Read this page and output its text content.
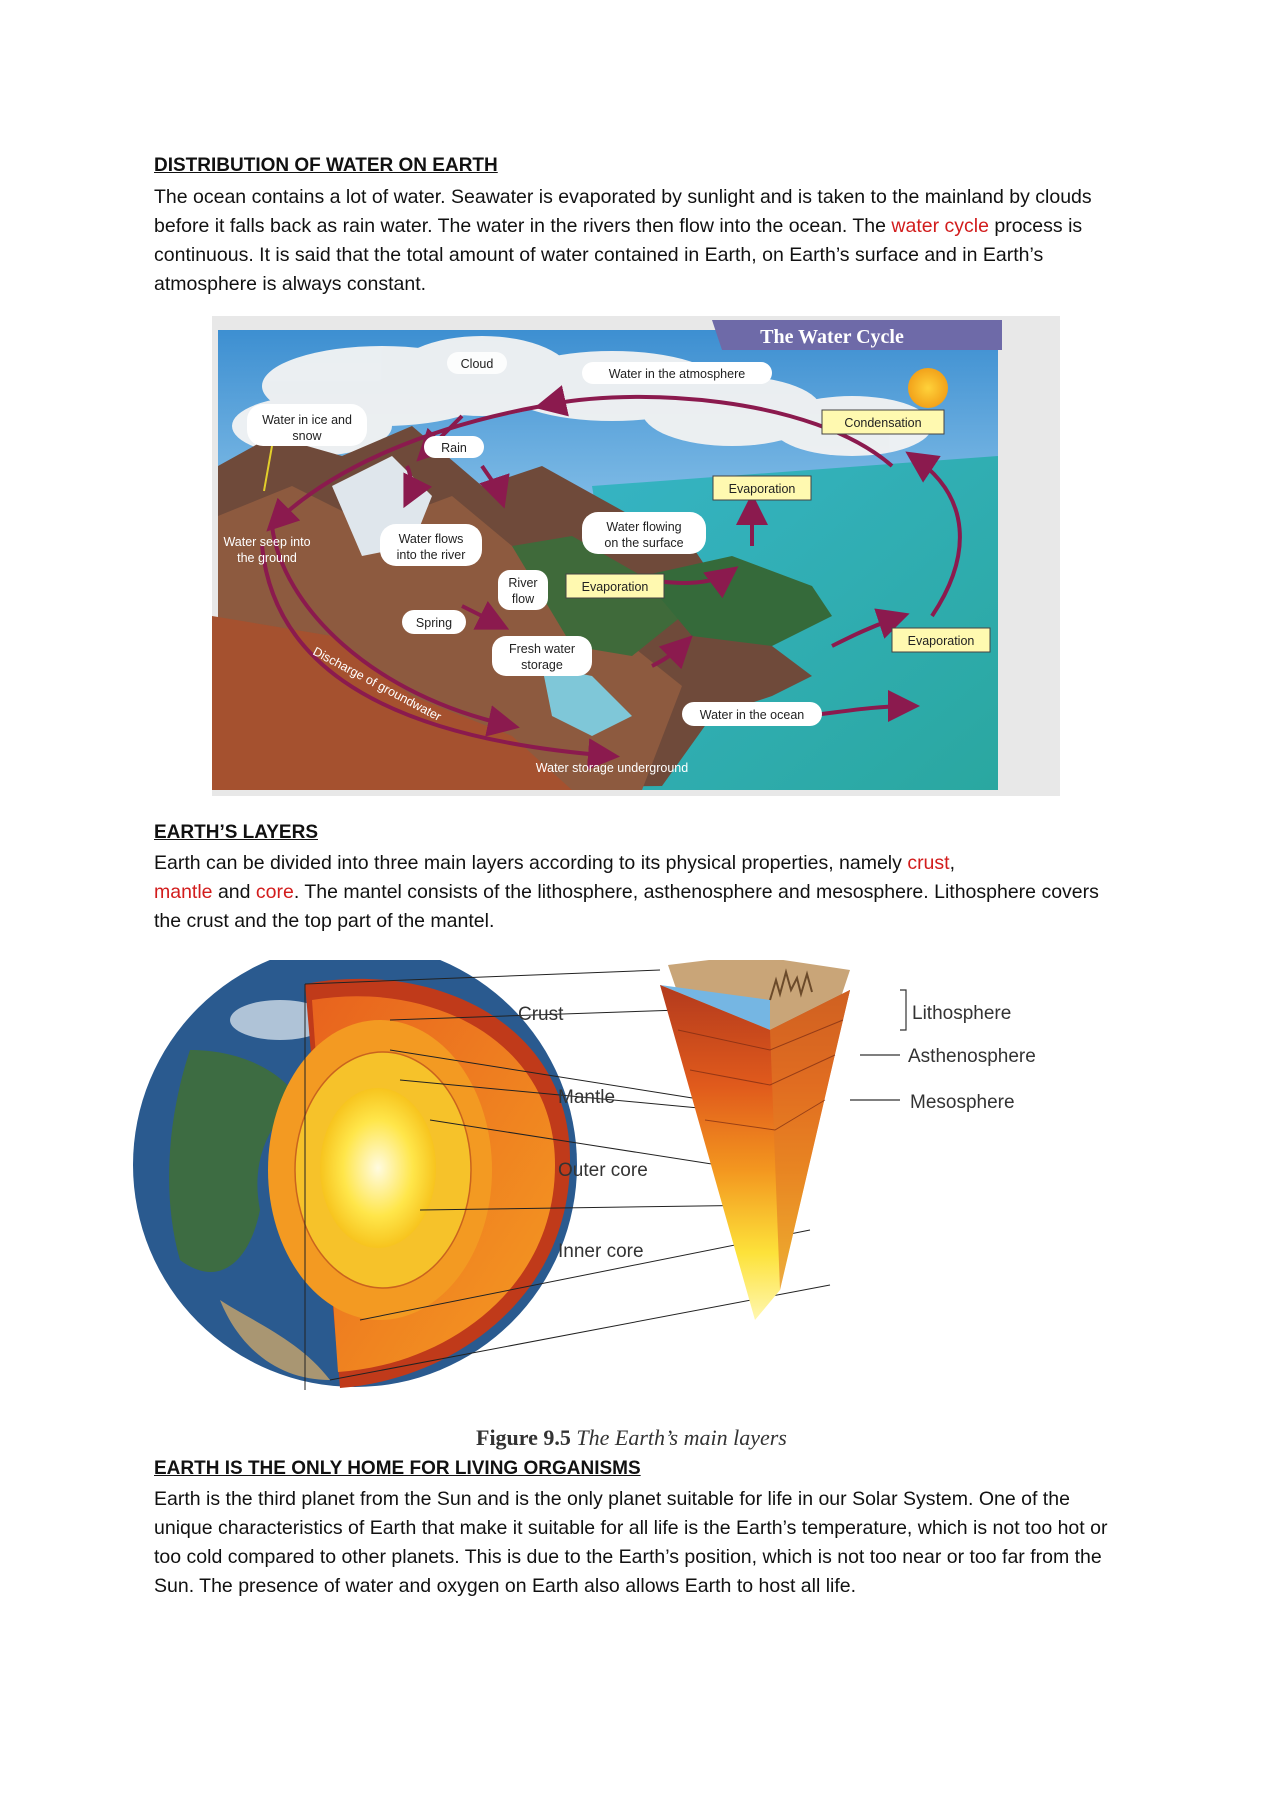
DISTRIBUTION OF WATER ON EARTH
The ocean contains a lot of water. Seawater is evaporated by sunlight and is taken to the mainland by clouds before it falls back as rain water. The water in the rivers then flow into the ocean. The water cycle process is continuous. It is said that the total amount of water contained in Earth, on Earth’s surface and in Earth’s atmosphere is always constant.
The Water Cycle
Cloud
Water in the atmosphere
Water in ice and
snow
Condensation
Rain
Evaporation
Water seep into
the ground
Water flows
into the river
Water flowing
on the surface
River
flow
Evaporation
Spring
Fresh water
storage
Evaporation
Discharge of groundwater	Water in the ocean
Water storage underground
EARTH’S LAYERS
Earth can be divided into three main layers according to its physical properties, namely crust,
mantle and core. The mantel consists of the lithosphere, asthenosphere and mesosphere. Lithosphere covers the crust and the top part of the mantel.
Crust
Mantle
Outer core
Inner core
Lithosphere
Asthenosphere
Mesosphere
Figure 9.5 The Earth’s main layers
EARTH IS THE ONLY HOME FOR LIVING ORGANISMS
Earth is the third planet from the Sun and is the only planet suitable for life in our Solar System. One of the unique characteristics of Earth that make it suitable for all life is the Earth’s temperature, which is not too hot or too cold compared to other planets. This is due to the Earth’s position, which is not too near or too far from the Sun. The presence of water and oxygen on Earth also allows Earth to host all life.
